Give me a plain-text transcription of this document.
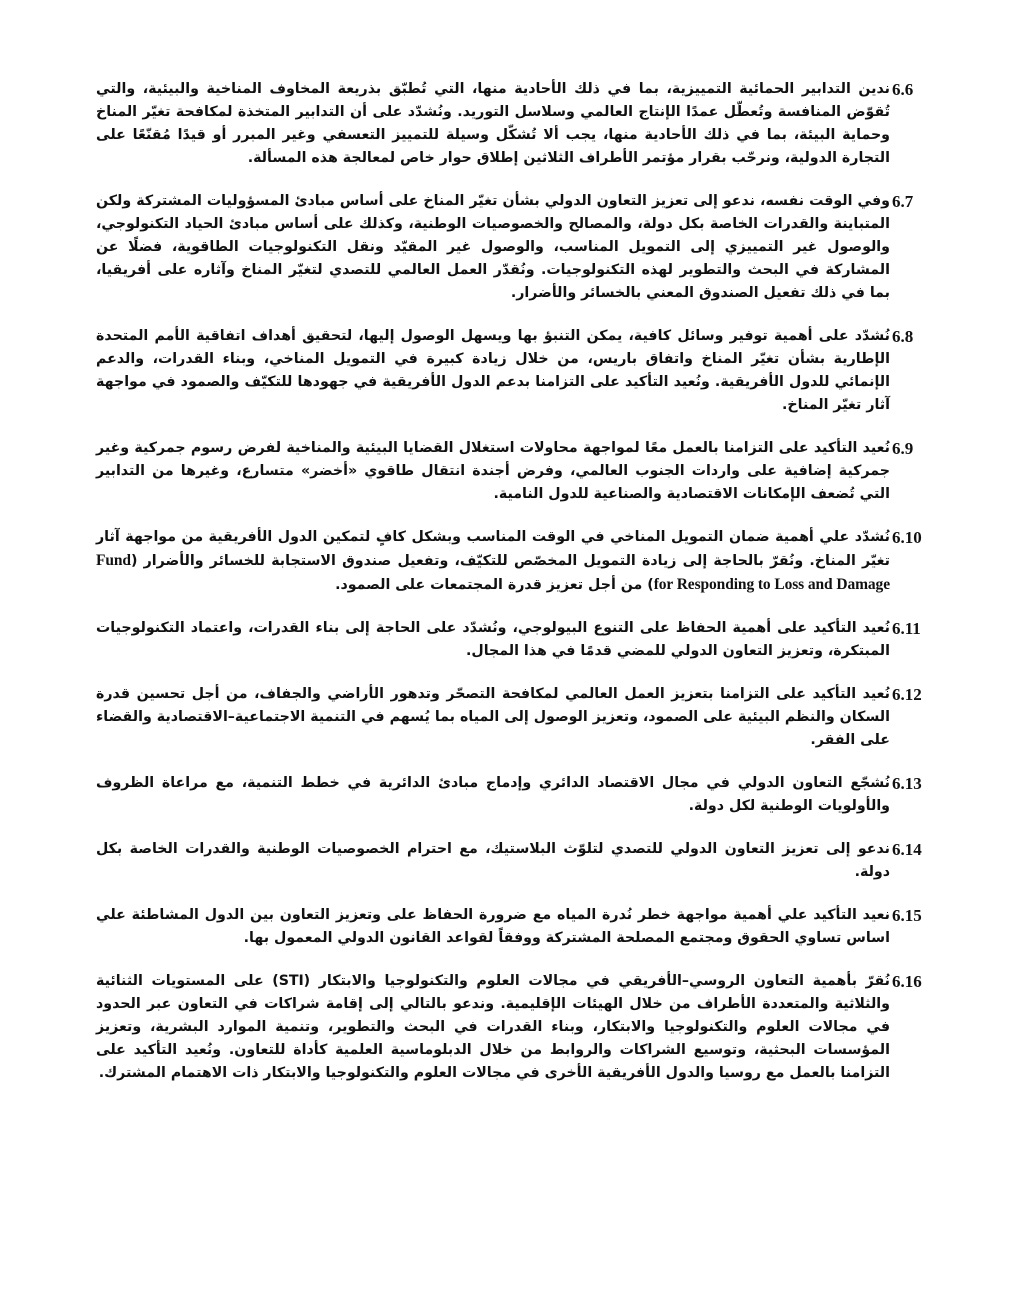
6.6
ندين التدابير الحمائية التمييزية، بما في ذلك الأحادية منها، التي تُطبّق بذريعة المخاوف المناخية والبيئية، والتي تُقوّض المنافسة وتُعطّل عمدًا الإنتاج العالمي وسلاسل التوريد. ونُشدّد على أن التدابير المتخذة لمكافحة تغيّر المناخ وحماية البيئة، بما في ذلك الأحادية منها، يجب ألا تُشكّل وسيلة للتمييز التعسفي وغير المبرر أو قيدًا مُقنّعًا على التجارة الدولية، ونرحّب بقرار مؤتمر الأطراف الثلاثين إطلاق حوار خاص لمعالجة هذه المسألة.
6.7
وفي الوقت نفسه، ندعو إلى تعزيز التعاون الدولي بشأن تغيّر المناخ على أساس مبادئ المسؤوليات المشتركة ولكن المتباينة والقدرات الخاصة بكل دولة، والمصالح والخصوصيات الوطنية، وكذلك على أساس مبادئ الحياد التكنولوجي، والوصول غير التمييزي إلى التمويل المناسب، والوصول غير المقيّد ونقل التكنولوجيات الطاقوية، فضلًا عن المشاركة في البحث والتطوير لهذه التكنولوجيات. ونُقدّر العمل العالمي للتصدي لتغيّر المناخ وآثاره على أفريقيا، بما في ذلك تفعيل الصندوق المعني بالخسائر والأضرار.
6.8
نُشدّد على أهمية توفير وسائل كافية، يمكن التنبؤ بها ويسهل الوصول إليها، لتحقيق أهداف اتفاقية الأمم المتحدة الإطارية بشأن تغيّر المناخ واتفاق باريس، من خلال زيادة كبيرة في التمويل المناخي، وبناء القدرات، والدعم الإنمائي للدول الأفريقية. ونُعيد التأكيد على التزامنا بدعم الدول الأفريقية في جهودها للتكيّف والصمود في مواجهة آثار تغيّر المناخ.
6.9
نُعيد التأكيد على التزامنا بالعمل معًا لمواجهة محاولات استغلال القضايا البيئية والمناخية لفرض رسوم جمركية وغير جمركية إضافية على واردات الجنوب العالمي، وفرض أجندة انتقال طاقوي «أخضر» متسارع، وغيرها من التدابير التي تُضعف الإمكانات الاقتصادية والصناعية للدول النامية.
6.10
نُشدّد علي أهمية ضمان التمويل المناخي في الوقت المناسب وبشكل كافٍ لتمكين الدول الأفريقية من مواجهة آثار تغيّر المناخ. ونُقرّ بالحاجة إلى زيادة التمويل المخصّص للتكيّف، وتفعيل صندوق الاستجابة للخسائر والأضرار (Fund for Responding to Loss and Damage) من أجل تعزيز قدرة المجتمعات على الصمود.
6.11
نُعيد التأكيد على أهمية الحفاظ على التنوع البيولوجي، ونُشدّد على الحاجة إلى بناء القدرات، واعتماد التكنولوجيات المبتكرة، وتعزيز التعاون الدولي للمضي قدمًا في هذا المجال.
6.12
نُعيد التأكيد على التزامنا بتعزيز العمل العالمي لمكافحة التصحّر وتدهور الأراضي والجفاف، من أجل تحسين قدرة السكان والنظم البيئية على الصمود، وتعزيز الوصول إلى المياه بما يُسهم في التنمية الاجتماعية–الاقتصادية والقضاء على الفقر.
6.13
نُشجّع التعاون الدولي في مجال الاقتصاد الدائري وإدماج مبادئ الدائرية في خطط التنمية، مع مراعاة الظروف والأولويات الوطنية لكل دولة.
6.14
ندعو إلى تعزيز التعاون الدولي للتصدي لتلوّث البلاستيك، مع احترام الخصوصيات الوطنية والقدرات الخاصة بكل دولة.
6.15
نعيد التأكيد علي أهمية مواجهة خطر نُدرة المياه مع ضرورة الحفاظ على وتعزيز التعاون بين الدول المشاطئة علي اساس تساوي الحقوق ومجتمع المصلحة المشتركة ووفقاً لقواعد القانون الدولي المعمول بها.
6.16
نُقرّ بأهمية التعاون الروسي–الأفريقي في مجالات العلوم والتكنولوجيا والابتكار (STI) على المستويات الثنائية والثلاثية والمتعددة الأطراف من خلال الهيئات الإقليمية. وندعو بالتالي إلى إقامة شراكات في التعاون عبر الحدود في مجالات العلوم والتكنولوجيا والابتكار، وبناء القدرات في البحث والتطوير، وتنمية الموارد البشرية، وتعزيز المؤسسات البحثية، وتوسيع الشراكات والروابط من خلال الدبلوماسية العلمية كأداة للتعاون. ونُعيد التأكيد على التزامنا بالعمل مع روسيا والدول الأفريقية الأخرى في مجالات العلوم والتكنولوجيا والابتكار ذات الاهتمام المشترك.
